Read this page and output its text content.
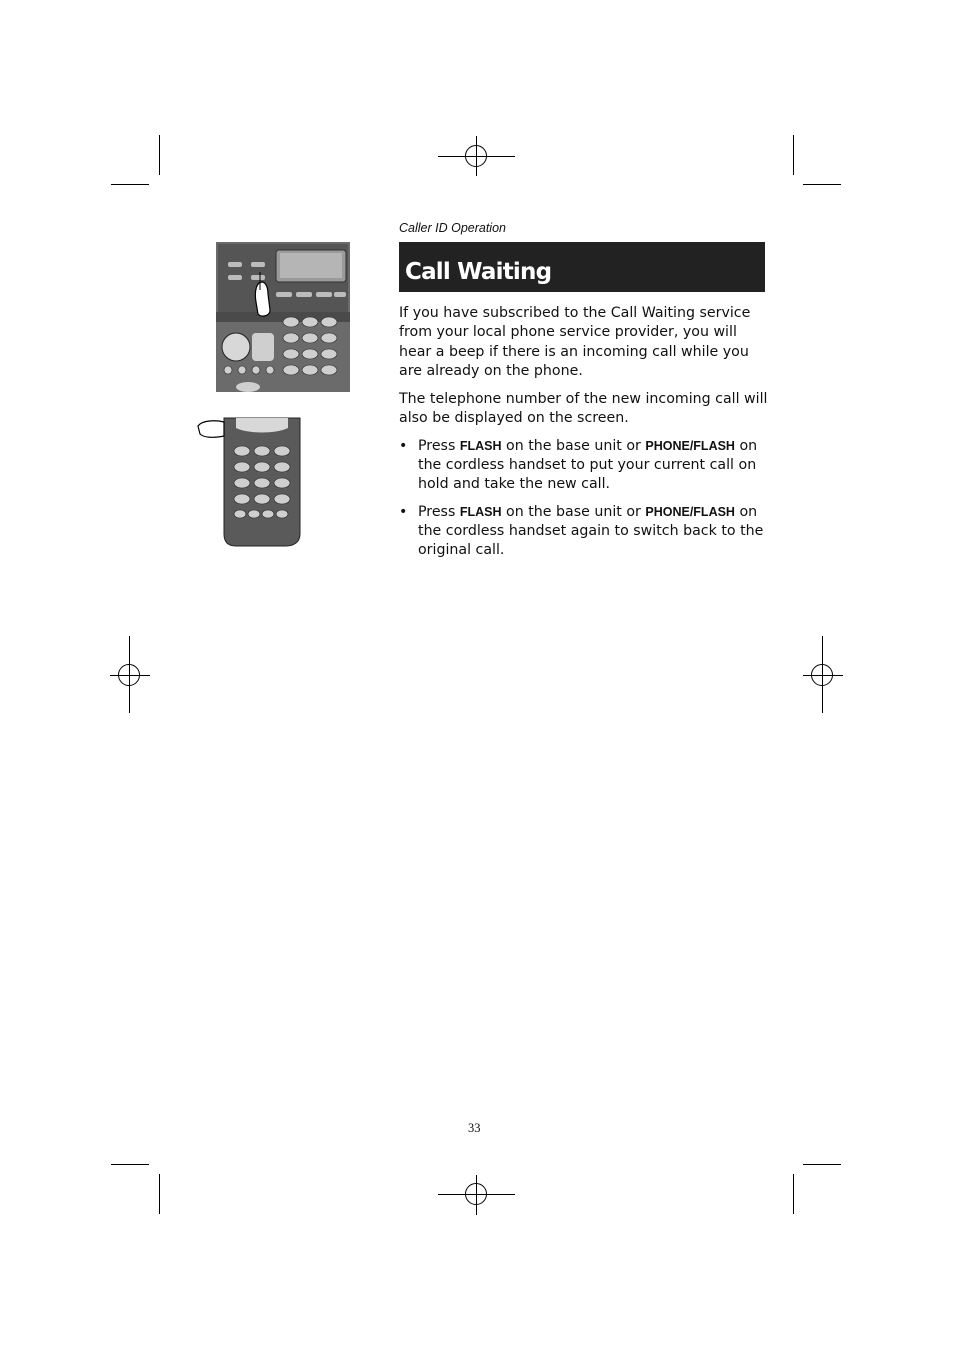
Caller ID Operation
Call Waiting

If you have subscribed to the Call Waiting service from your local phone service provider, you will hear a beep if there is an incoming call while you are already on the phone.

The telephone number of the new incoming call will also be displayed on the screen.

• Press FLASH on the base unit or PHONE/FLASH on the cordless handset to put your current call on hold and take the new call.
• Press FLASH on the base unit or PHONE/FLASH on the cordless handset again to switch back to the original call.
33
